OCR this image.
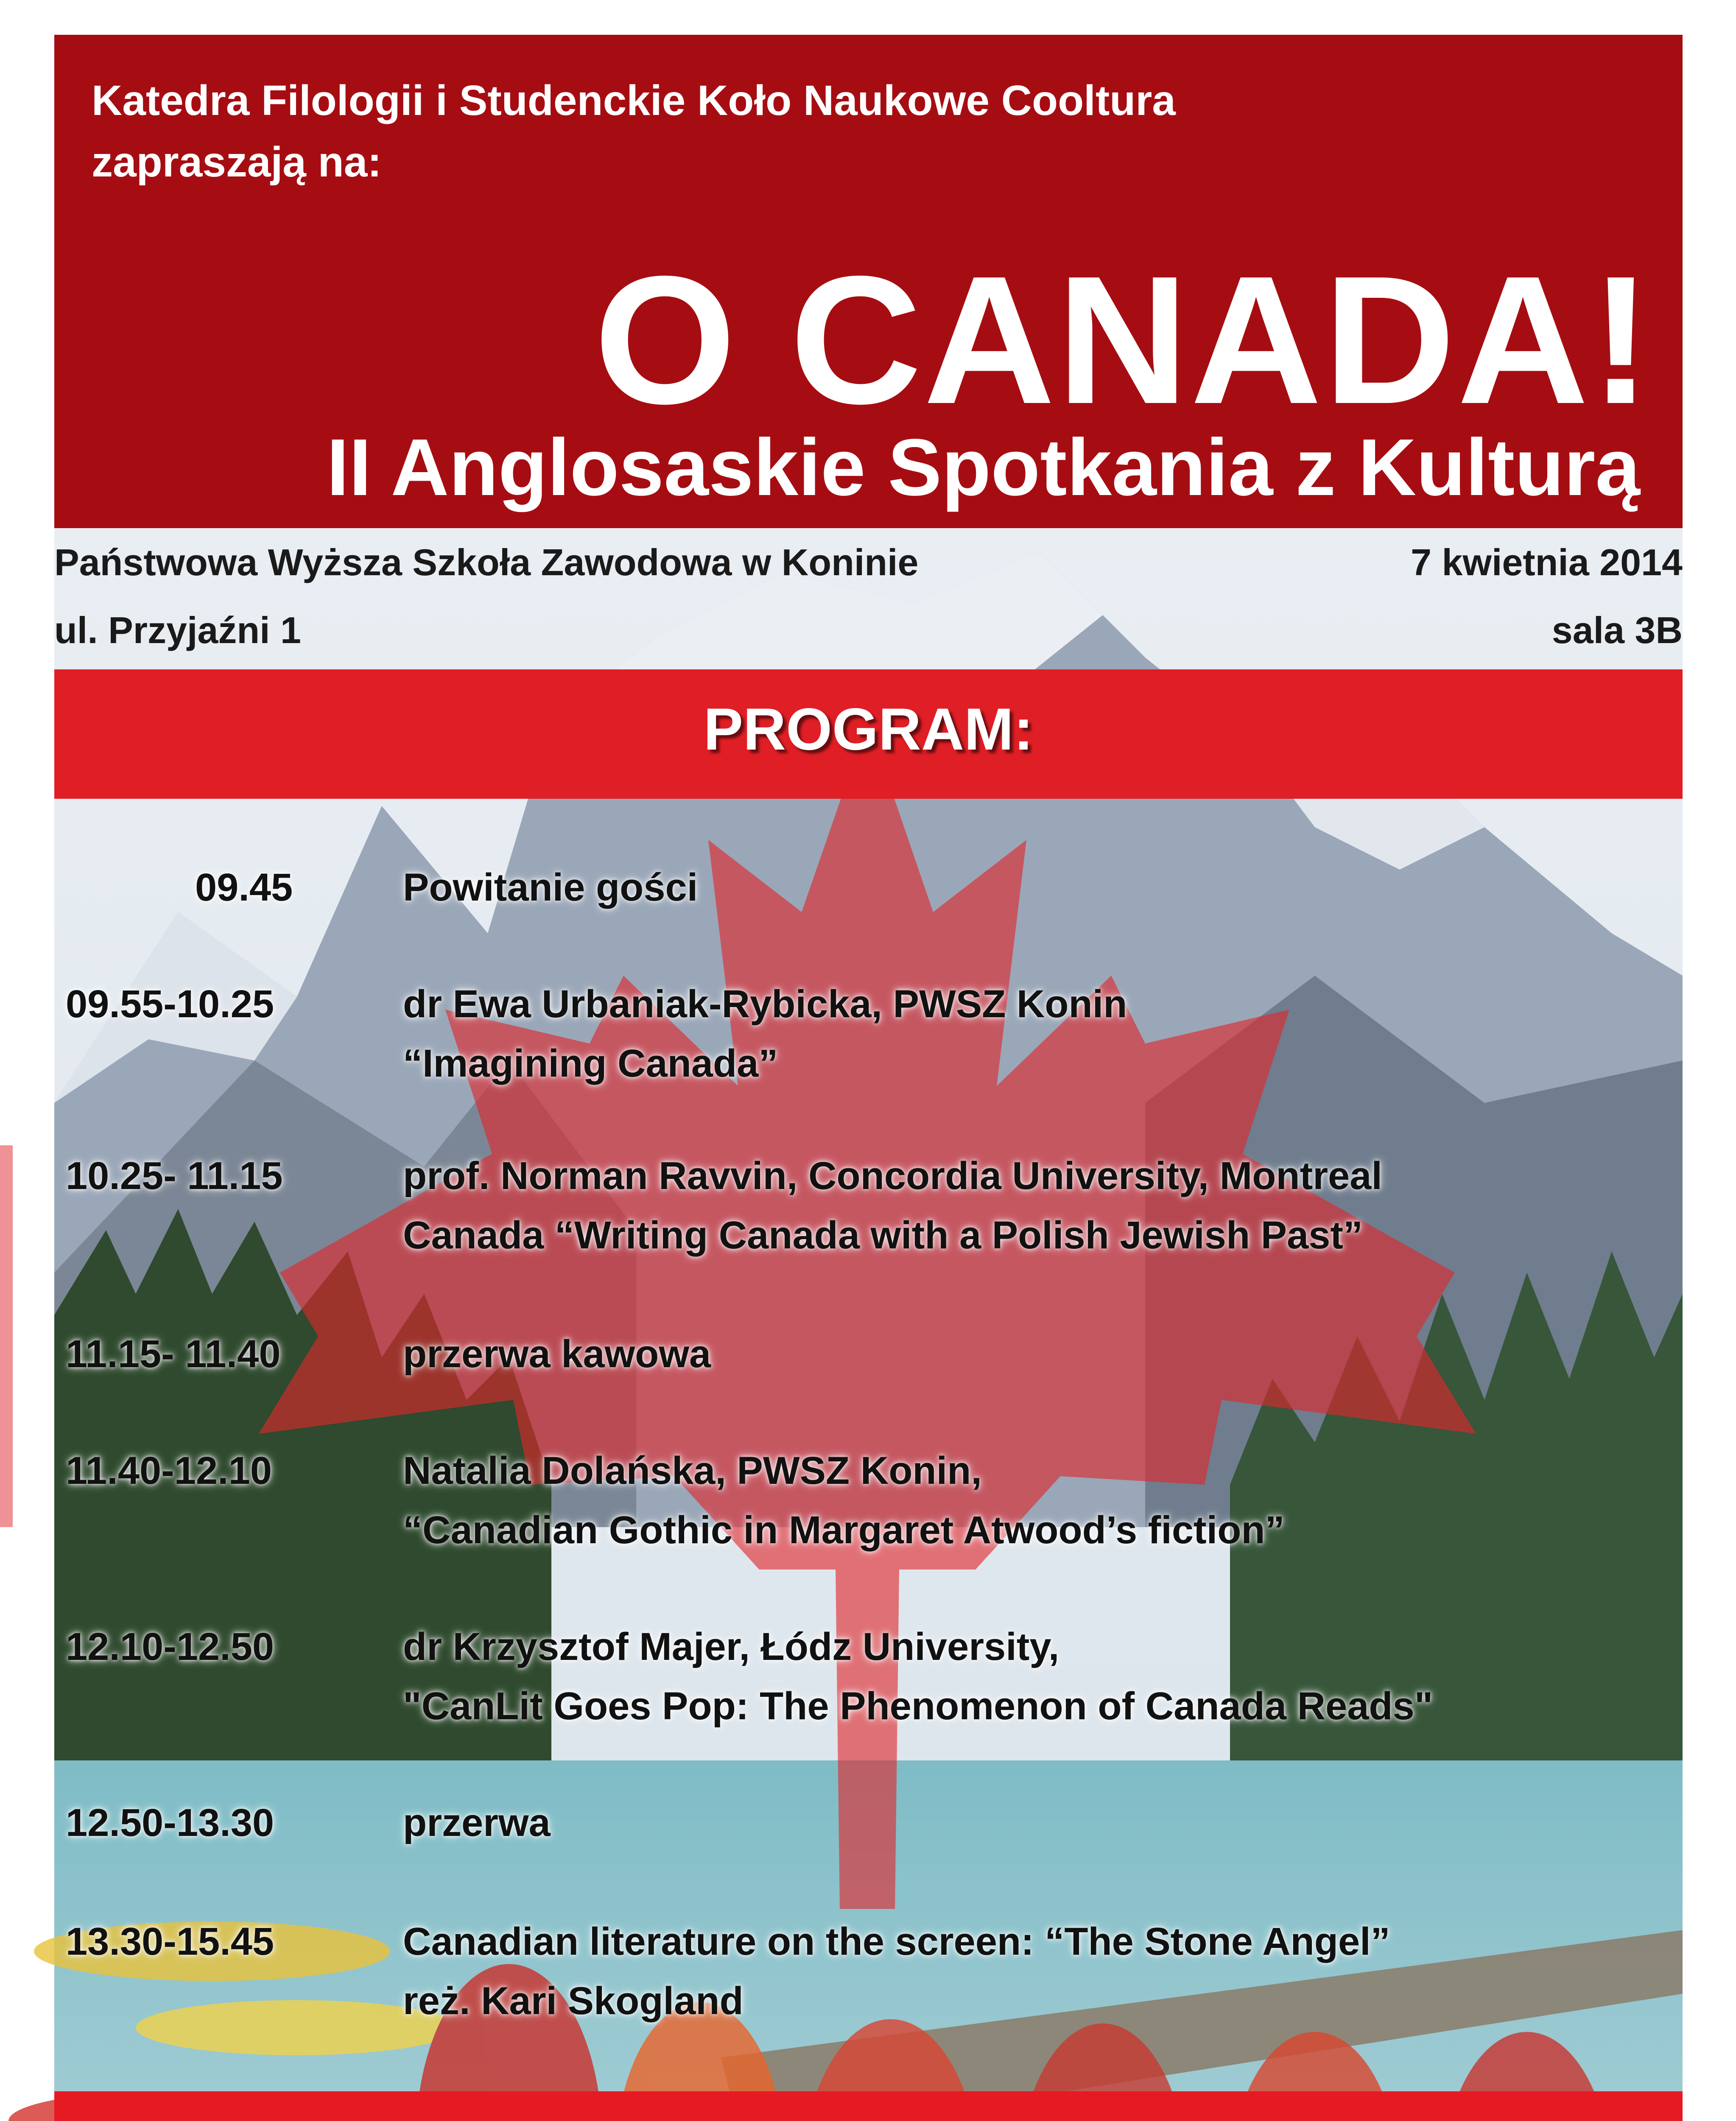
Katedra Filologii i Studenckie Koło Naukowe Cooltura
zapraszają na:
O CANADA!
II Anglosaskie Spotkania z Kulturą
Państwowa Wyższa Szkoła Zawodowa w Koninie
ul. Przyjaźni 1
7 kwietnia 2014
sala 3B
PROGRAM:
09.45	Powitanie gości
09.55-10.25	dr Ewa Urbaniak-Rybicka, PWSZ Konin
“Imagining Canada”
10.25- 11.15	prof. Norman Ravvin, Concordia University, Montreal
Canada “Writing Canada with a Polish Jewish Past”
11.15- 11.40	przerwa kawowa
11.40-12.10	Natalia Dolańska, PWSZ Konin,
“Canadian Gothic in Margaret Atwood’s fiction”
12.10-12.50	dr Krzysztof Majer, Łódz University,
"CanLit Goes Pop: The Phenomenon of Canada Reads"
12.50-13.30	przerwa
13.30-15.45	Canadian literature on the screen: “The Stone Angel”
reż. Kari Skogland
